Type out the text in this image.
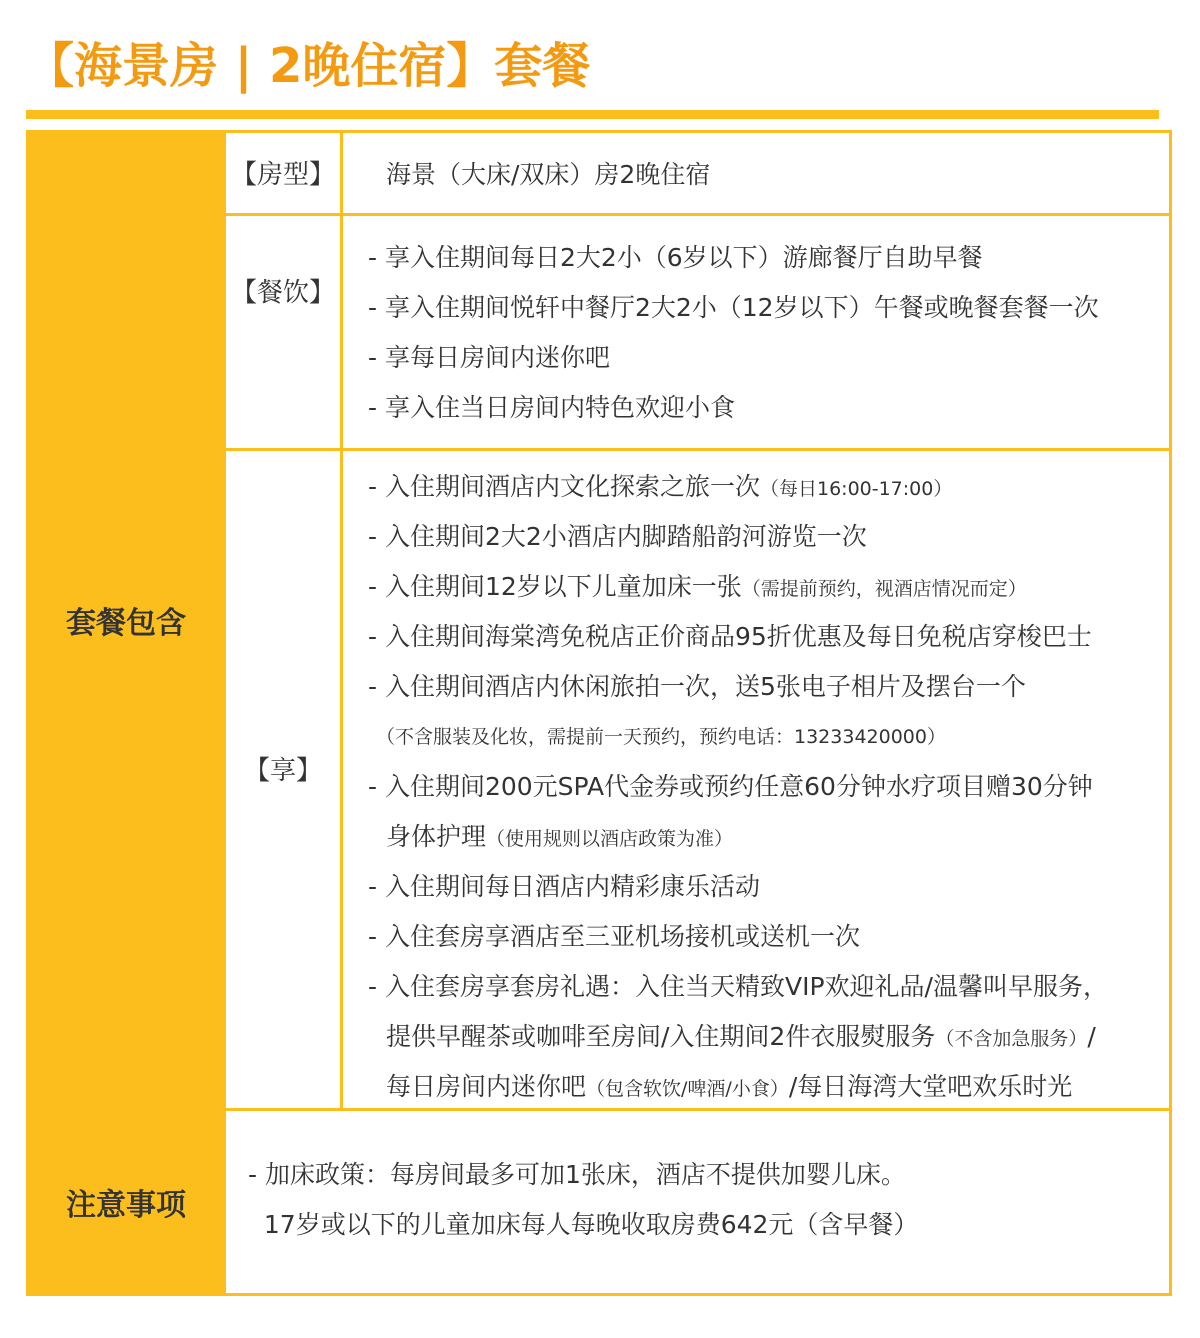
【海景房 | 2晚住宿】套餐
套餐包含
注意事项
【房型】 海景（大床/双床）房2晚住宿
【餐饮】
- 享入住期间每日2大2小（6岁以下）游廊餐厅自助早餐
- 享入住期间悦轩中餐厅2大2小（12岁以下）午餐或晚餐套餐一次
- 享每日房间内迷你吧
- 享入住当日房间内特色欢迎小食
【享】
- 入住期间酒店内文化探索之旅一次（每日16:00-17:00）
- 入住期间2大2小酒店内脚踏船韵河游览一次
- 入住期间12岁以下儿童加床一张（需提前预约，视酒店情况而定）
- 入住期间海棠湾免税店正价商品95折优惠及每日免税店穿梭巴士
- 入住期间酒店内休闲旅拍一次，送5张电子相片及摆台一个
（不含服装及化妆，需提前一天预约，预约电话：13233420000）
- 入住期间200元SPA代金券或预约任意60分钟水疗项目赠30分钟
身体护理（使用规则以酒店政策为准）
- 入住期间每日酒店内精彩康乐活动
- 入住套房享酒店至三亚机场接机或送机一次
- 入住套房享套房礼遇：入住当天精致VIP欢迎礼品/温馨叫早服务，
提供早醒茶或咖啡至房间/入住期间2件衣服熨服务（不含加急服务）/
每日房间内迷你吧（包含软饮/啤酒/小食）/每日海湾大堂吧欢乐时光
- 加床政策：每房间最多可加1张床，酒店不提供加婴儿床。
17岁或以下的儿童加床每人每晚收取房费642元（含早餐）
